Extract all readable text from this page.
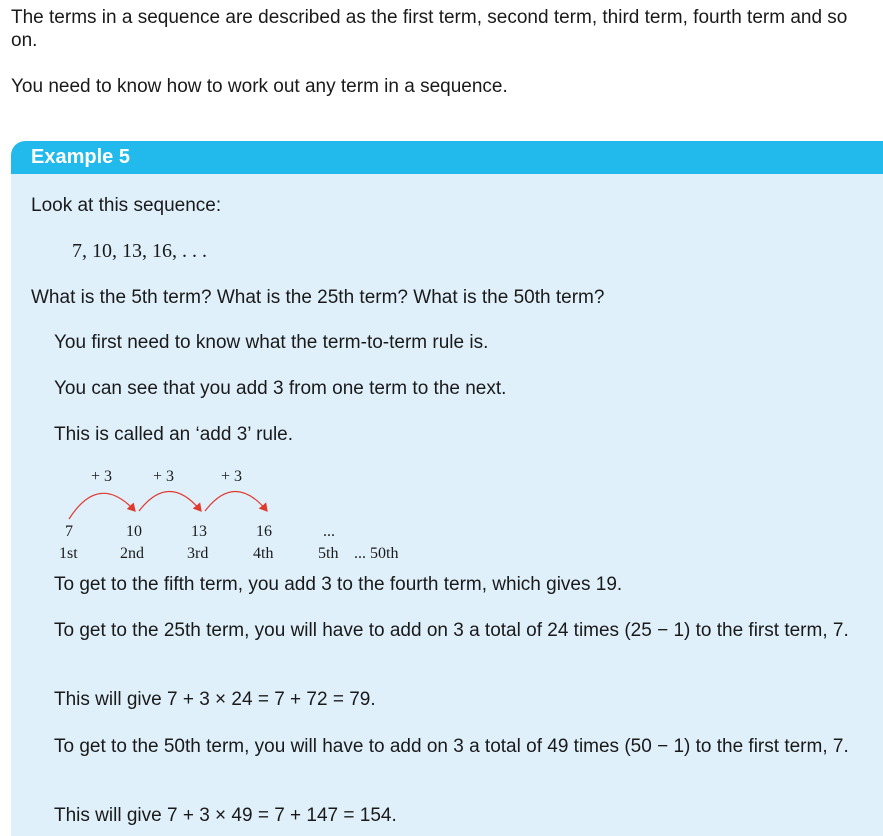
The terms in a sequence are described as the first term, second term, third term, fourth term and so on.

You need to know how to work out any term in a sequence.

Example 5

Look at this sequence:

7, 10, 13, 16, . . .

What is the 5th term? What is the 25th term? What is the 50th term?

You first need to know what the term-to-term rule is.

You can see that you add 3 from one term to the next.

This is called an ‘add 3’ rule.

+ 3	+ 3	+ 3
7	10	13	16	...
1st	2nd	3rd	4th	5th ... 50th

To get to the fifth term, you add 3 to the fourth term, which gives 19.

To get to the 25th term, you will have to add on 3 a total of 24 times (25 − 1) to the first term, 7.

This will give 7 + 3 × 24 = 7 + 72 = 79.

To get to the 50th term, you will have to add on 3 a total of 49 times (50 − 1) to the first term, 7.

This will give 7 + 3 × 49 = 7 + 147 = 154.
